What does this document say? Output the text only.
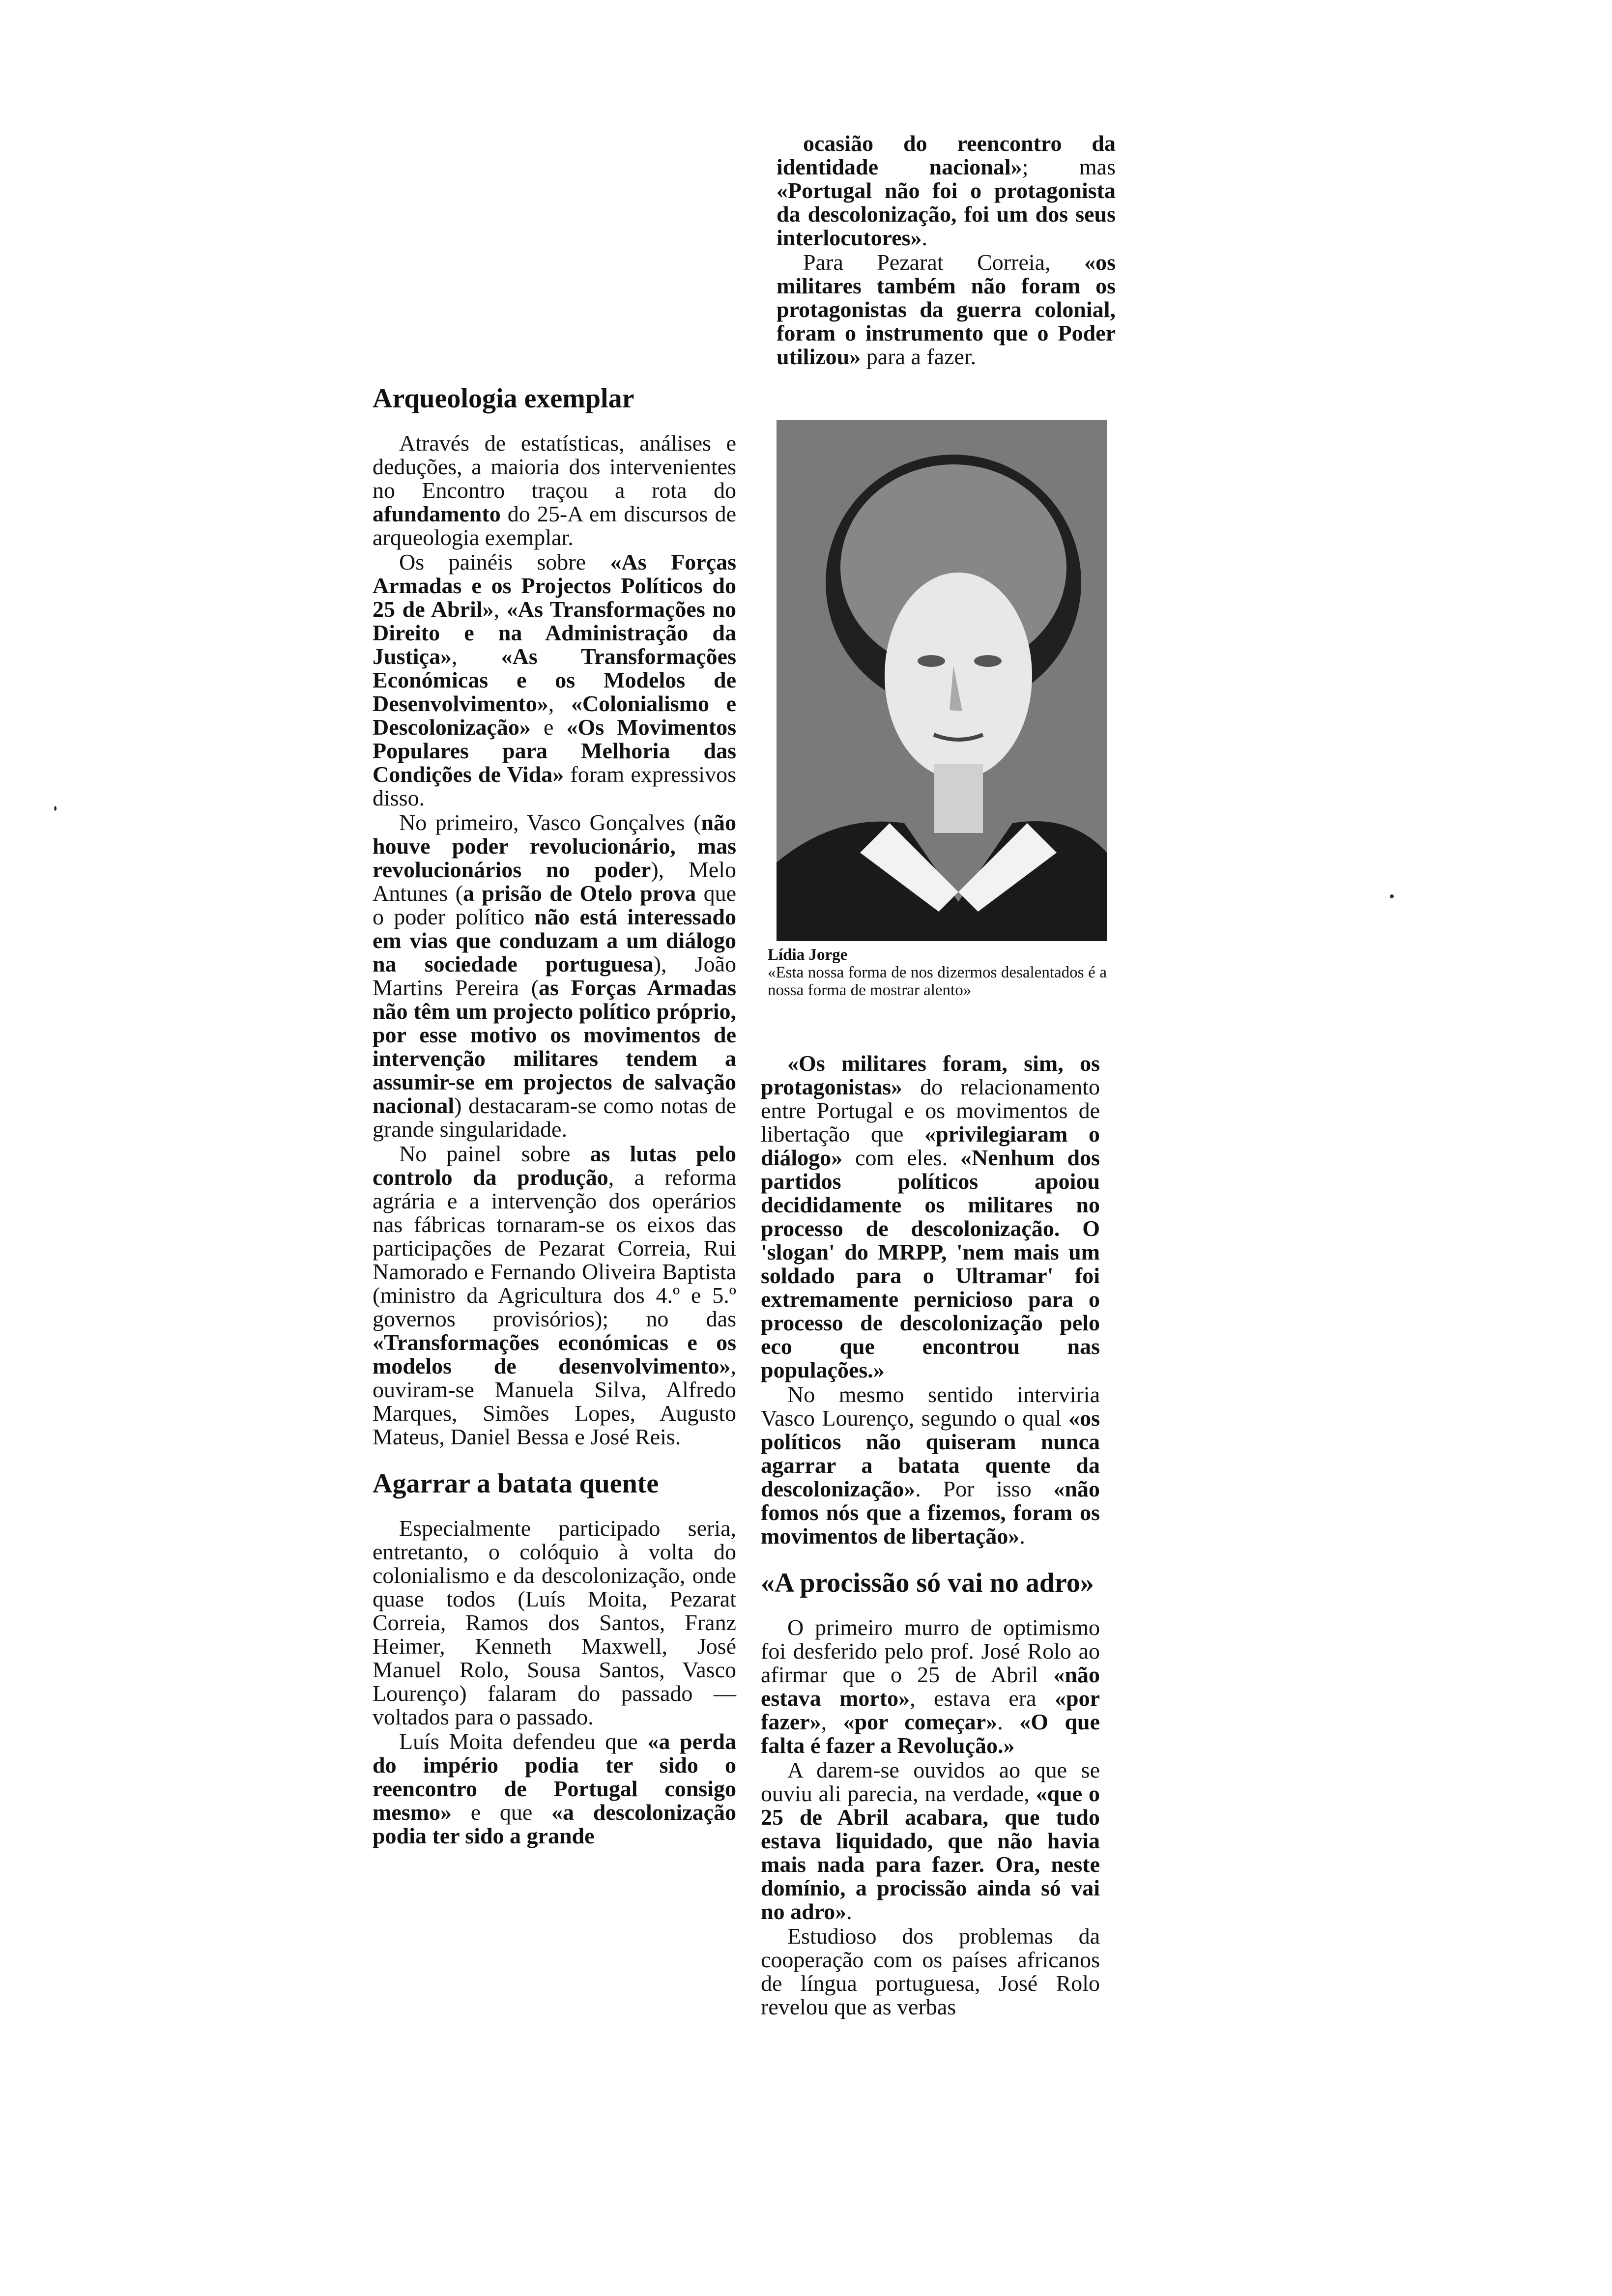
ocasião do reencontro da identidade nacional»; mas «Portugal não foi o protagonista da descolonização, foi um dos seus interlocutores».

Para Pezarat Correia, «os militares também não foram os protagonistas da guerra colonial, foram o instrumento que o Poder utilizou» para a fazer.

Lídia Jorge
«Esta nossa forma de nos dizermos desalentados é a nossa forma de mostrar alento»
Arqueologia exemplar

Através de estatísticas, análises e deduções, a maioria dos intervenientes no Encontro traçou a rota do afundamento do 25-A em discursos de arqueologia exemplar.

Os painéis sobre «As Forças Armadas e os Projectos Políticos do 25 de Abril», «As Transformações no Direito e na Administração da Justiça», «As Transformações Económicas e os Modelos de Desenvolvimento», «Colonialismo e Descolonização» e «Os Movimentos Populares para Melhoria das Condições de Vida» foram expressivos disso.

No primeiro, Vasco Gonçalves (não houve poder revolucionário, mas revolucionários no poder), Melo Antunes (a prisão de Otelo prova que o poder político não está interessado em vias que conduzam a um diálogo na sociedade portuguesa), João Martins Pereira (as Forças Armadas não têm um projecto político próprio, por esse motivo os movimentos de intervenção militares tendem a assumir-se em projectos de salvação nacional) destacaram-se como notas de grande singularidade.

No painel sobre as lutas pelo controlo da produção, a reforma agrária e a intervenção dos operários nas fábricas tornaram-se os eixos das participações de Pezarat Correia, Rui Namorado e Fernando Oliveira Baptista (ministro da Agricultura dos 4.º e 5.º governos provisórios); no das «Transformações económicas e os modelos de desenvolvimento», ouviram-se Manuela Silva, Alfredo Marques, Simões Lopes, Augusto Mateus, Daniel Bessa e José Reis.

Agarrar a batata quente

Especialmente participado seria, entretanto, o colóquio à volta do colonialismo e da descolonização, onde quase todos (Luís Moita, Pezarat Correia, Ramos dos Santos, Franz Heimer, Kenneth Maxwell, José Manuel Rolo, Sousa Santos, Vasco Lourenço) falaram do passado — voltados para o passado.

Luís Moita defendeu que «a perda do império podia ter sido o reencontro de Portugal consigo mesmo» e que «a descolonização podia ter sido a grande

«Os militares foram, sim, os protagonistas» do relacionamento entre Portugal e os movimentos de libertação que «privilegiaram o diálogo» com eles. «Nenhum dos partidos políticos apoiou decididamente os militares no processo de descolonização. O 'slogan' do MRPP, 'nem mais um soldado para o Ultramar' foi extremamente pernicioso para o processo de descolonização pelo eco que encontrou nas populações.»

No mesmo sentido interviria Vasco Lourenço, segundo o qual «os políticos não quiseram nunca agarrar a batata quente da descolonização». Por isso «não fomos nós que a fizemos, foram os movimentos de libertação».

«A procissão só vai no adro»

O primeiro murro de optimismo foi desferido pelo prof. José Rolo ao afirmar que o 25 de Abril «não estava morto», estava era «por fazer», «por começar». «O que falta é fazer a Revolução.»

A darem-se ouvidos ao que se ouviu ali parecia, na verdade, «que o 25 de Abril acabara, que tudo estava liquidado, que não havia mais nada para fazer. Ora, neste domínio, a procissão ainda só vai no adro».

Estudioso dos problemas da cooperação com os países africanos de língua portuguesa, José Rolo revelou que as verbas
